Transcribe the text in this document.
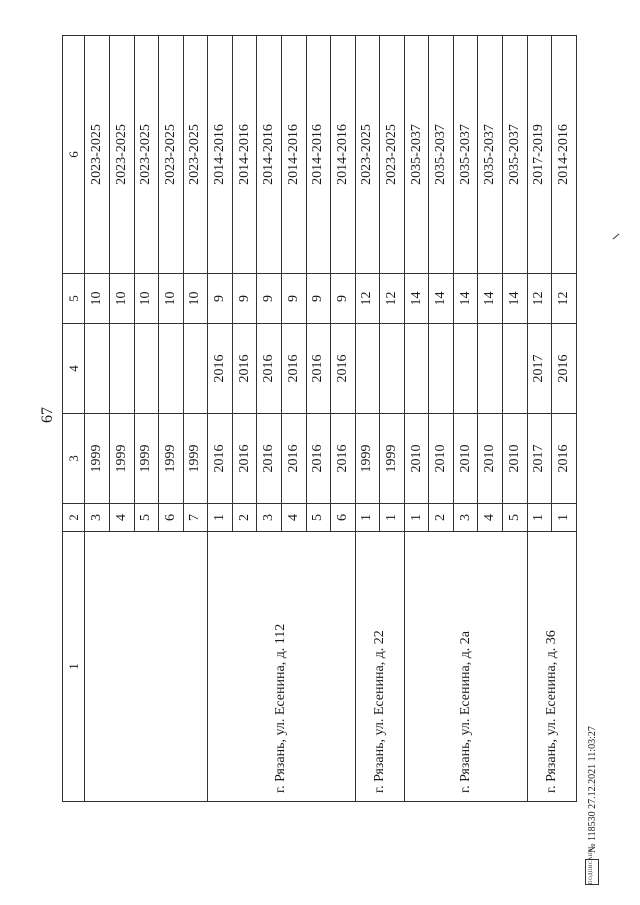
67
1	2	3	4	5	6
	3	1999		10	2023-2025
	4	1999		10	2023-2025
	5	1999		10	2023-2025
	6	1999		10	2023-2025
	7	1999		10	2023-2025
г. Рязань, ул. Есенина, д. 112	1	2016	2016	9	2014-2016
	2	2016	2016	9	2014-2016
	3	2016	2016	9	2014-2016
	4	2016	2016	9	2014-2016
	5	2016	2016	9	2014-2016
	6	2016	2016	9	2014-2016
г. Рязань, ул. Есенина, д. 22	1	1999		12	2023-2025
	1	1999		12	2023-2025
г. Рязань, ул. Есенина, д. 2а	1	2010		14	2035-2037
	2	2010		14	2035-2037
	3	2010		14	2035-2037
	4	2010		14	2035-2037
	5	2010		14	2035-2037
г. Рязань, ул. Есенина, д. 36	1	2017	2017	12	2017-2019
	1	2016	2016	12	2014-2016
ПОДПИСАНО
№ 118530 27.12.2021 11:03:27
